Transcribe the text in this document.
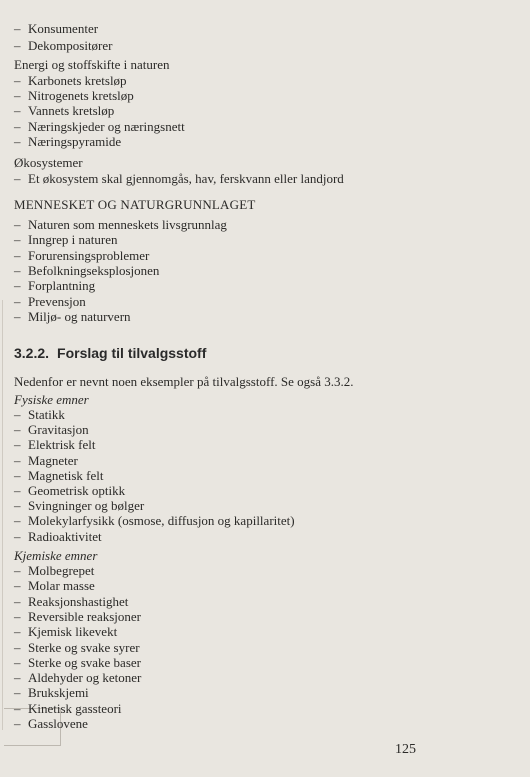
3.2.2. Forslag til tilvalgsstoff

– Konsumenter

– Dekompositører

Energi og stoffskifte i naturen

– Karbonets kretsløp

– Nitrogenets kretsløp

– Vannets kretsløp

– Næringskjeder og næringsnett

– Næringspyramide

Økosystemer

– Et økosystem skal gjennomgås, hav, ferskvann eller landjord

MENNESKET OG NATURGRUNNLAGET

– Naturen som menneskets livsgrunnlag

– Inngrep i naturen

– Forurensingsproblemer

– Befolkningseksplosjonen

– Forplantning

– Prevensjon

– Miljø- og naturvern

Nedenfor er nevnt noen eksempler på tilvalgsstoff. Se også 3.3.2.

Fysiske emner

– Statikk

– Gravitasjon

– Elektrisk felt

– Magneter

– Magnetisk felt

– Geometrisk optikk

– Svingninger og bølger

– Molekylarfysikk (osmose, diffusjon og kapillaritet)

– Radioaktivitet

Kjemiske emner

– Molbegrepet

– Molar masse

– Reaksjonshastighet

– Reversible reaksjoner

– Kjemisk likevekt

– Sterke og svake syrer

– Sterke og svake baser

– Aldehyder og ketoner

– Brukskjemi

– Kinetisk gassteori

– Gasslovene

125
